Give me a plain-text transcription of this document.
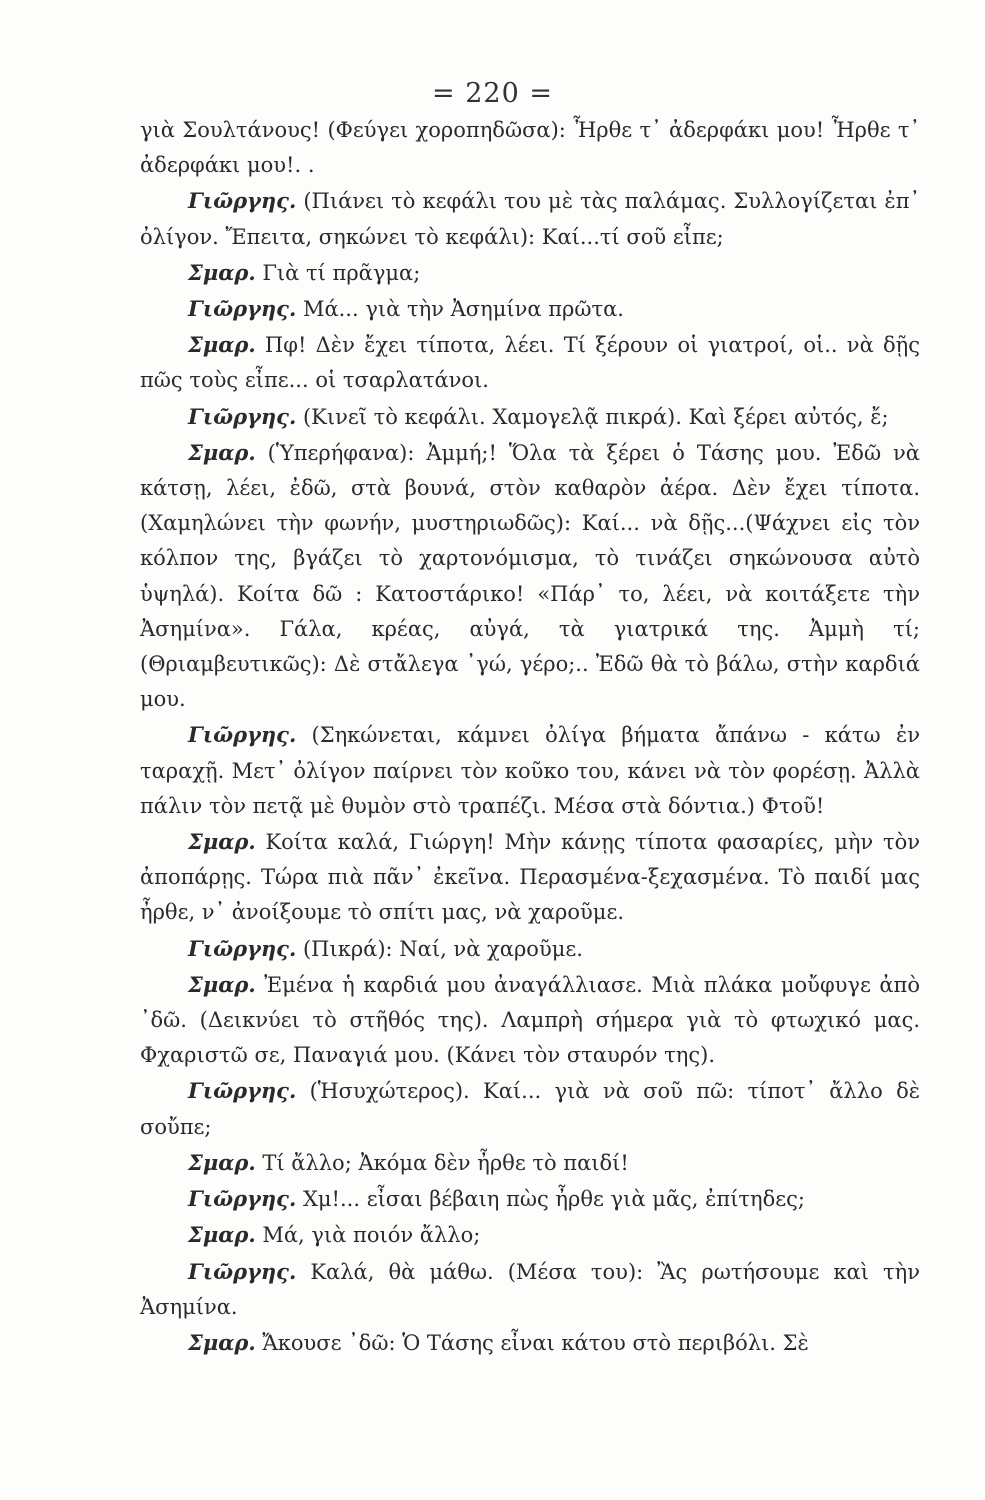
= 220 =

γιὰ Σουλτάνους! (Φεύγει χοροπηδῶσα): Ἦρθε τ᾽ ἀδερφάκι μου! Ἦρθε τ᾽ ἀδερφάκι μου!. .

Γιῶργης. (Πιάνει τὸ κεφάλι του μὲ τὰς παλάμας. Συλλογίζεται ἐπ᾽ ὀλίγον. Ἔπειτα, σηκώνει τὸ κεφάλι): Καί...τί σοῦ εἶπε;

Σμαρ. Γιὰ τί πρᾶγμα;

Γιῶργης. Μά... γιὰ τὴν Ἀσημίνα πρῶτα.

Σμαρ. Πφ! Δὲν ἔχει τίποτα, λέει. Τί ξέρουν οἱ γιατροί, οἱ.. νὰ δῇς πῶς τοὺς εἶπε... οἱ τσαρλατάνοι.

Γιῶργης. (Κινεῖ τὸ κεφάλι. Χαμογελᾷ πικρά). Καὶ ξέρει αὐτός, ἔ;

Σμαρ. (Ὑπερήφανα): Ἀμμή;! Ὅλα τὰ ξέρει ὁ Τάσης μου. Ἐδῶ νὰ κάτσῃ, λέει, ἐδῶ, στὰ βουνά, στὸν καθαρὸν ἀέρα. Δὲν ἔχει τίποτα. (Χαμηλώνει τὴν φωνήν, μυστηριωδῶς): Καί... νὰ δῇς...(Ψάχνει εἰς τὸν κόλπον της, βγάζει τὸ χαρτονόμισμα, τὸ τινάζει σηκώνουσα αὐτὸ ὑψηλά). Κοίτα δῶ : Κατοστάρικο! «Πάρ᾽ το, λέει, νὰ κοιτάξετε τὴν Ἀσημίνα». Γάλα, κρέας, αὐγά, τὰ γιατρικά της. Ἀμμὴ τί; (Θριαμβευτικῶς): Δὲ στἄλεγα ᾽γώ, γέρο;.. Ἐδῶ θὰ τὸ βάλω, στὴν καρδιά μου.

Γιῶργης. (Σηκώνεται, κάμνει ὀλίγα βήματα ἄπάνω - κάτω ἐν ταραχῇ. Μετ᾽ ὀλίγον παίρνει τὸν κοῦκο του, κάνει νὰ τὸν φορέσῃ. Ἀλλὰ πάλιν τὸν πετᾷ μὲ θυμὸν στὸ τραπέζι. Μέσα στὰ δόντια.) Φτοῦ!

Σμαρ. Κοίτα καλά, Γιώργη! Μὴν κάνῃς τίποτα φασαρίες, μὴν τὸν ἀποπάρῃς. Τώρα πιὰ πᾶν᾽ ἐκεῖνα. Περασμένα-ξεχασμένα. Τὸ παιδί μας ἦρθε, ν᾽ ἀνοίξουμε τὸ σπίτι μας, νὰ χαροῦμε.

Γιῶργης. (Πικρά): Ναί, νὰ χαροῦμε.

Σμαρ. Ἐμένα ἡ καρδιά μου ἀναγάλλιασε. Μιὰ πλάκα μοὔφυγε ἀπὸ ᾽δῶ. (Δεικνύει τὸ στῆθός της). Λαμπρὴ σήμερα γιὰ τὸ φτωχικό μας. Φχαριστῶ σε, Παναγιά μου. (Κάνει τὸν σταυρόν της).

Γιῶργης. (Ἡσυχώτερος). Καί... γιὰ νὰ σοῦ πῶ: τίποτ᾽ ἄλλο δὲ σοὔπε;

Σμαρ. Τί ἄλλο; Ἀκόμα δὲν ἦρθε τὸ παιδί!

Γιῶργης. Χμ!... εἶσαι βέβαιη πὼς ἦρθε γιὰ μᾶς, ἐπίτηδες;

Σμαρ. Μά, γιὰ ποιόν ἄλλο;

Γιῶργης. Καλά, θὰ μάθω. (Μέσα του): Ἂς ρωτήσουμε καὶ τὴν Ἀσημίνα.

Σμαρ. Ἄκουσε ᾽δῶ: Ὁ Τάσης εἶναι κάτου στὸ περιβόλι. Σὲ
